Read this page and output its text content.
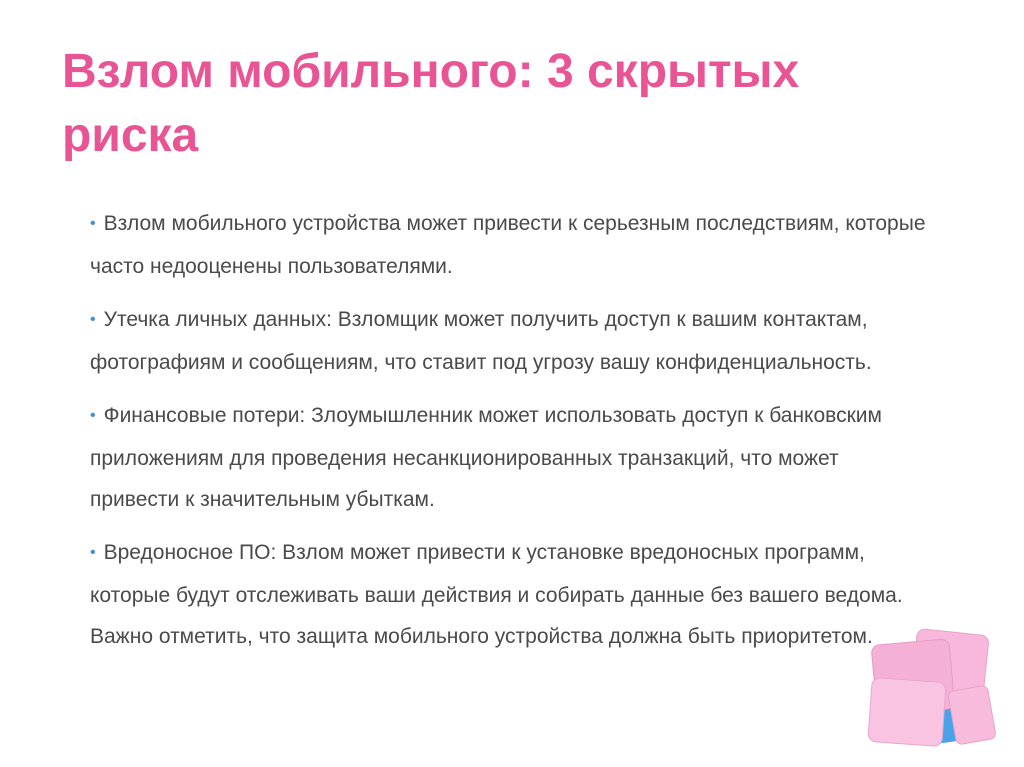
Взлом мобильного: 3 скрытых риска
• Взлом мобильного устройства может привести к серьезным последствиям, которые часто недооценены пользователями.
• Утечка личных данных: Взломщик может получить доступ к вашим контактам, фотографиям и сообщениям, что ставит под угрозу вашу конфиденциальность.
• Финансовые потери: Злоумышленник может использовать доступ к банковским приложениям для проведения несанкционированных транзакций, что может привести к значительным убыткам.
• Вредоносное ПО: Взлом может привести к установке вредоносных программ, которые будут отслеживать ваши действия и собирать данные без вашего ведома. Важно отметить, что защита мобильного устройства должна быть приоритетом.
